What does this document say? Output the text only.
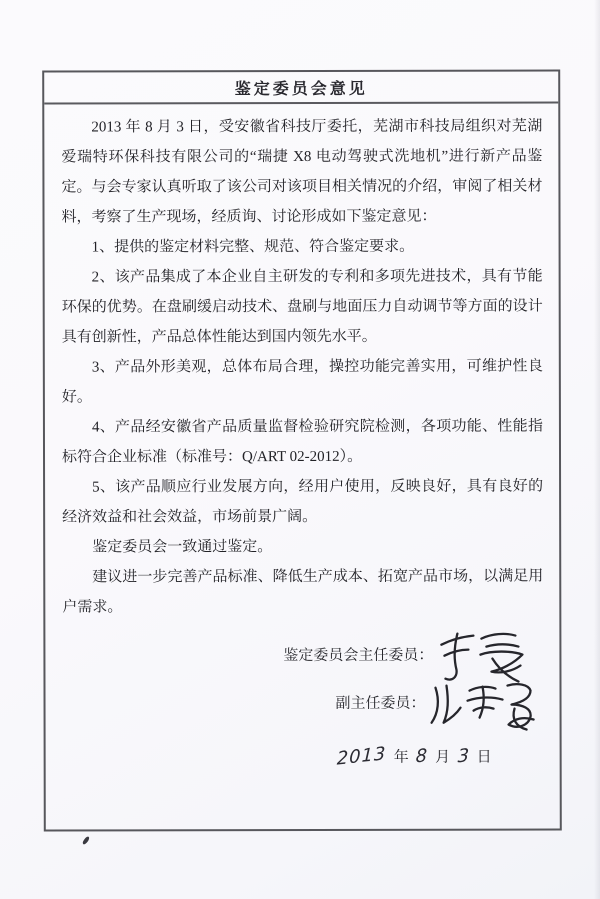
鉴定委员会意见

2013 年 8 月 3 日，受安徽省科技厅委托，芜湖市科技局组织对芜湖爱瑞特环保科技有限公司的“瑞捷 X8 电动驾驶式洗地机”进行新产品鉴定。与会专家认真听取了该公司对该项目相关情况的介绍，审阅了相关材料，考察了生产现场，经质询、讨论形成如下鉴定意见：

1、提供的鉴定材料完整、规范、符合鉴定要求。

2、该产品集成了本企业自主研发的专利和多项先进技术，具有节能环保的优势。在盘刷缓启动技术、盘刷与地面压力自动调节等方面的设计具有创新性，产品总体性能达到国内领先水平。

3、产品外形美观，总体布局合理，操控功能完善实用，可维护性良好。

4、产品经安徽省产品质量监督检验研究院检测，各项功能、性能指标符合企业标准（标准号：Q/ART 02-2012）。

5、该产品顺应行业发展方向，经用户使用，反映良好，具有良好的经济效益和社会效益，市场前景广阔。

鉴定委员会一致通过鉴定。

建议进一步完善产品标准、降低生产成本、拓宽产品市场，以满足用户需求。

鉴定委员会主任委员：
副主任委员：
2013 年 8 月 3 日
